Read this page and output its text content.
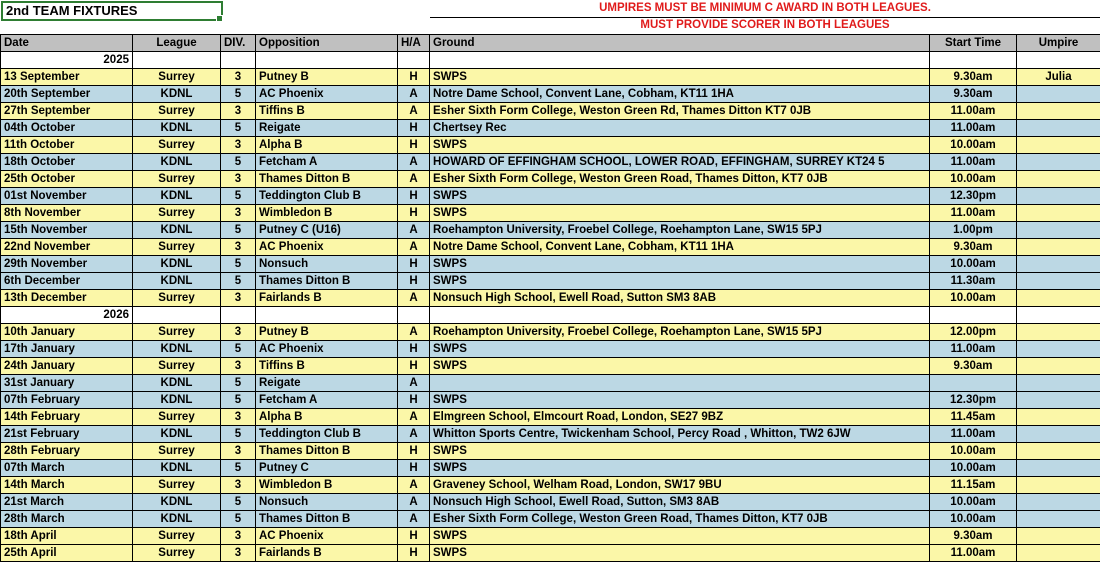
2nd TEAM FIXTURES	UMPIRES MUST BE MINIMUM C AWARD IN BOTH LEAGUES.
MUST PROVIDE SCORER IN BOTH LEAGUES
Date	League	DIV.	Opposition	H/A	Ground	Start Time	Umpire
2025							
13 September	Surrey	3	Putney B	H	SWPS	9.30am	Julia
20th September	KDNL	5	AC Phoenix	A	Notre Dame School, Convent Lane, Cobham, KT11 1HA	9.30am	
27th September	Surrey	3	Tiffins B	A	Esher Sixth Form College, Weston Green Rd, Thames Ditton KT7 0JB	11.00am	
04th October	KDNL	5	Reigate	H	Chertsey Rec	11.00am	
11th October	Surrey	3	Alpha B	H	SWPS	10.00am	
18th October	KDNL	5	Fetcham A	A	HOWARD OF EFFINGHAM SCHOOL, LOWER ROAD, EFFINGHAM, SURREY KT24 5	11.00am	
25th October	Surrey	3	Thames Ditton B	A	Esher Sixth Form College, Weston Green Road, Thames Ditton, KT7 0JB	10.00am	
01st November	KDNL	5	Teddington Club B	H	SWPS	12.30pm	
8th November	Surrey	3	Wimbledon B	H	SWPS	11.00am	
15th November	KDNL	5	Putney C (U16)	A	Roehampton University, Froebel College, Roehampton Lane, SW15 5PJ	1.00pm	
22nd November	Surrey	3	AC Phoenix	A	Notre Dame School, Convent Lane, Cobham, KT11 1HA	9.30am	
29th November	KDNL	5	Nonsuch	H	SWPS	10.00am	
6th December	KDNL	5	Thames Ditton B	H	SWPS	11.30am	
13th December	Surrey	3	Fairlands B	A	Nonsuch High School, Ewell Road, Sutton SM3 8AB	10.00am	
2026							
10th January	Surrey	3	Putney B	A	Roehampton University, Froebel College, Roehampton Lane, SW15 5PJ	12.00pm	
17th January	KDNL	5	AC Phoenix	H	SWPS	11.00am	
24th January	Surrey	3	Tiffins B	H	SWPS	9.30am	
31st January	KDNL	5	Reigate	A			
07th February	KDNL	5	Fetcham A	H	SWPS	12.30pm	
14th February	Surrey	3	Alpha B	A	Elmgreen School, Elmcourt Road, London, SE27 9BZ	11.45am	
21st February	KDNL	5	Teddington Club B	A	Whitton Sports Centre, Twickenham School, Percy Road , Whitton, TW2 6JW	11.00am	
28th February	Surrey	3	Thames Ditton B	H	SWPS	10.00am	
07th March	KDNL	5	Putney C	H	SWPS	10.00am	
14th March	Surrey	3	Wimbledon B	A	Graveney School, Welham Road, London, SW17 9BU	11.15am	
21st March	KDNL	5	Nonsuch	A	Nonsuch High School, Ewell Road, Sutton, SM3 8AB	10.00am	
28th March	KDNL	5	Thames Ditton B	A	Esher Sixth Form College, Weston Green Road, Thames Ditton, KT7 0JB	10.00am	
18th April	Surrey	3	AC Phoenix	H	SWPS	9.30am	
25th April	Surrey	3	Fairlands B	H	SWPS	11.00am	
